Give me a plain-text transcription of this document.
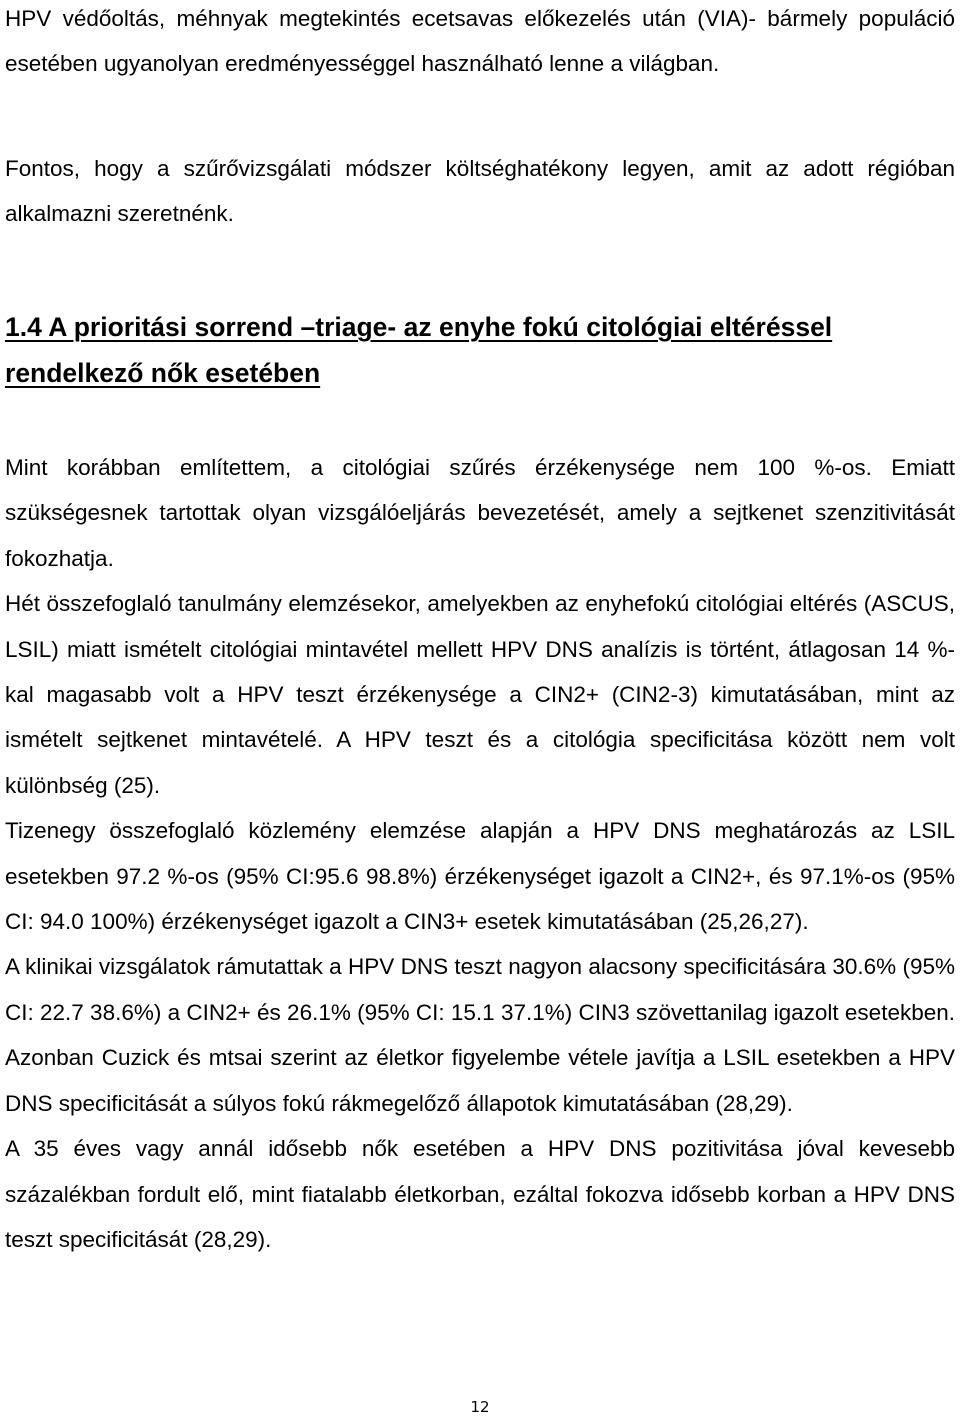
HPV védőoltás, méhnyak megtekintés ecetsavas előkezelés után (VIA)- bármely populáció esetében ugyanolyan eredményességgel használható lenne a világban.

Fontos, hogy a szűrővizsgálati módszer költséghatékony legyen, amit az adott régióban alkalmazni szeretnénk.

1.4 A prioritási sorrend –triage- az enyhe fokú citológiai eltéréssel rendelkező nők esetében

Mint korábban említettem, a citológiai szűrés érzékenysége nem 100 %-os. Emiatt szükségesnek tartottak olyan vizsgálóeljárás bevezetését, amely a sejtkenet szenzitivitását fokozhatja.

Hét összefoglaló tanulmány elemzésekor, amelyekben az enyhefokú citológiai eltérés (ASCUS, LSIL) miatt ismételt citológiai mintavétel mellett HPV DNS analízis is történt, átlagosan 14 %-kal magasabb volt a HPV teszt érzékenysége a CIN2+ (CIN2-3) kimutatásában, mint az ismételt sejtkenet mintavételé. A HPV teszt és a citológia specificitása között nem volt különbség (25).

Tizenegy összefoglaló közlemény elemzése alapján a HPV DNS meghatározás az LSIL esetekben 97.2 %-os (95% CI:95.6 98.8%) érzékenységet igazolt a CIN2+, és 97.1%-os (95% CI: 94.0 100%) érzékenységet igazolt a CIN3+ esetek kimutatásában (25,26,27).

A klinikai vizsgálatok rámutattak a HPV DNS teszt nagyon alacsony specificitására 30.6% (95% CI: 22.7 38.6%) a CIN2+ és 26.1% (95% CI: 15.1 37.1%) CIN3 szövettanilag igazolt esetekben. Azonban Cuzick és mtsai szerint az életkor figyelembe vétele javítja a LSIL esetekben a HPV DNS specificitását a súlyos fokú rákmegelőző állapotok kimutatásában (28,29).

A 35 éves vagy annál idősebb nők esetében a HPV DNS pozitivitása jóval kevesebb százalékban fordult elő, mint fiatalabb életkorban, ezáltal fokozva idősebb korban a HPV DNS teszt specificitását (28,29).

12
